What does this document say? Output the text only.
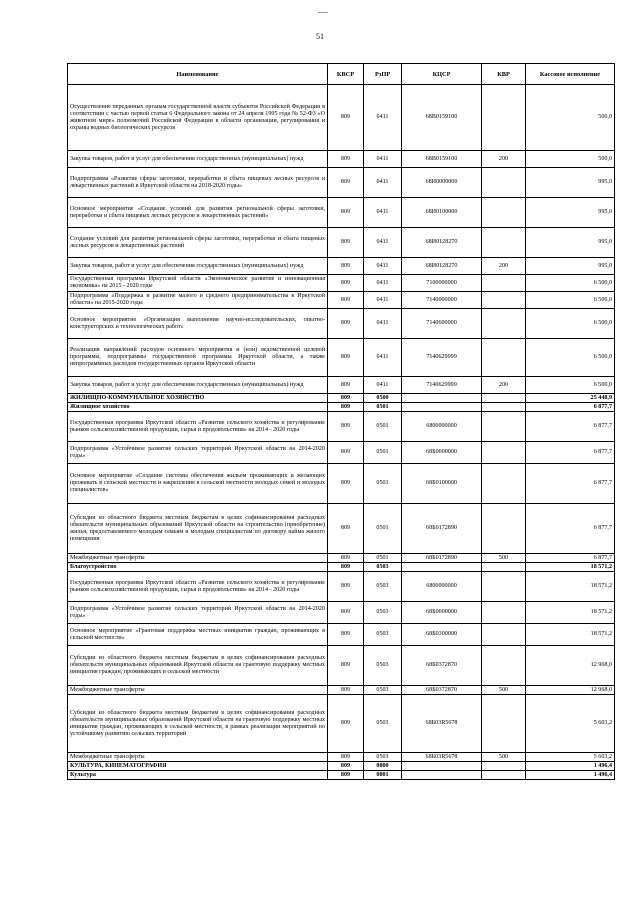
51
Наименование	КВСР	РзПР	КЦСР	КВР	Кассовое исполнение
Осуществление переданных органам государственной власти субъектов Российской Федерации в соответствии с частью первой статьи 6 Федерального закона от 24 апреля 1995 года № 52-ФЗ «О животном мире» полномочий Российской Федерации в области организации, регулирования и охраны водных биологических ресурсов	809	0411	68В0159100		500,0
Закупка товаров, работ и услуг для обеспечения государственных (муниципальных) нужд	809	0411	68В0159100	200	500,0
Подпрограмма «Развитие сферы заготовки, переработки и сбыта пищевых лесных ресурсов и лекарственных растений в Иркутской области на 2018-2020 годы»	809	0411	68И0000000		995,0
Основное мероприятие «Создание условий для развития региональной сферы заготовки, переработки и сбыта пищевых лесных ресурсов и лекарственных растений»	809	0411	68И0100000		995,0
Создание условий для развития региональной сферы заготовки, переработки и сбыта пищевых лесных ресурсов и лекарственных растений	809	0411	68И0128270		995,0
Закупка товаров, работ и услуг для обеспечения государственных (муниципальных) нужд	809	0411	68И0128270	200	995,0
Государственная программа Иркутской области «Экономическое развитие и инновационная экономика» на 2015 - 2020 годы	809	0411	7100000000		6 500,0
Подпрограмма «Поддержка и развитие малого и среднего предпринимательства в Иркутской области» на 2015-2020 годы	809	0411	7140000000		6 500,0
Основное мероприятие «Организация выполнения научно-исследовательских, опытно-конструкторских и технологических работ»	809	0411	7140600000		6 500,0
Реализация направлений расходов основного мероприятия и (или) ведомственной целевой программы, подпрограммы государственной программы Иркутской области, а также непрограммных расходов государственных органов Иркутской области	809	0411	7140629999		6 500,0
Закупка товаров, работ и услуг для обеспечения государственных (муниципальных) нужд	809	0411	7140629999	200	6 500,0
ЖИЛИЩНО-КОММУНАЛЬНОЕ ХОЗЯЙСТВО	809	0500			25 448,9
Жилищное хозяйство	809	0501			6 877,7
Государственная программа Иркутской области «Развитие сельского хозяйства и регулирование рынков сельскохозяйственной продукции, сырья и продовольствия» на 2014 - 2020 годы	809	0501	6800000000		6 877,7
Подпрограмма «Устойчивое развитие сельских территорий Иркутской области на 2014-2020 годы»	809	0501	68Б0000000		6 877,7
Основное мероприятие «Создание системы обеспечения жильем проживающих и желающих проживать в сельской местности и закрепление в сельской местности молодых семей и молодых специалистов»	809	0501	68Б0100000		6 877,7
Субсидии из областного бюджета местным бюджетам в целях софинансирования расходных обязательств муниципальных образований Иркутской области на строительство (приобретение) жилья, предоставляемого молодым семьям и молодым специалистам по договору найма жилого помещения	809	0501	68Б0172890		6 877,7
Межбюджетные трансферты	809	0501	68Б0172890	500	6 877,7
Благоустройство	809	0503			18 571,2
Государственная программа Иркутской области «Развитие сельского хозяйства и регулирование рынков сельскохозяйственной продукции, сырья и продовольствия» на 2014 - 2020 годы	809	0503	6800000000		18 571,2
Подпрограмма «Устойчивое развитие сельских территорий Иркутской области на 2014-2020 годы»	809	0503	68Б0000000		18 571,2
Основное мероприятие «Грантовая поддержка местных инициатив граждан, проживающих в сельской местности»	809	0503	68Б0300000		18 571,2
Субсидии из областного бюджета местным бюджетам в целях софинансирования расходных обязательств муниципальных образований Иркутской области на грантовую поддержку местных инициатив граждан, проживающих в сельской местности	809	0503	68Б0372870		12 968,0
Межбюджетные трансферты	809	0503	68Б0372870	500	12 968,0
Субсидии из областного бюджета местным бюджетам в целях софинансирования расходных обязательств муниципальных образований Иркутской области на грантовую поддержку местных инициатив граждан, проживающих в сельской местности, в рамках реализации мероприятий по устойчивому развитию сельских территорий	809	0503	68Б03R5678		5 603,2
Межбюджетные трансферты	809	0503	68Б03R5678	500	5 603,2
КУЛЬТУРА, КИНЕМАТОГРАФИЯ	809	0800			1 496,4
Культура	809	0801			1 496,4
